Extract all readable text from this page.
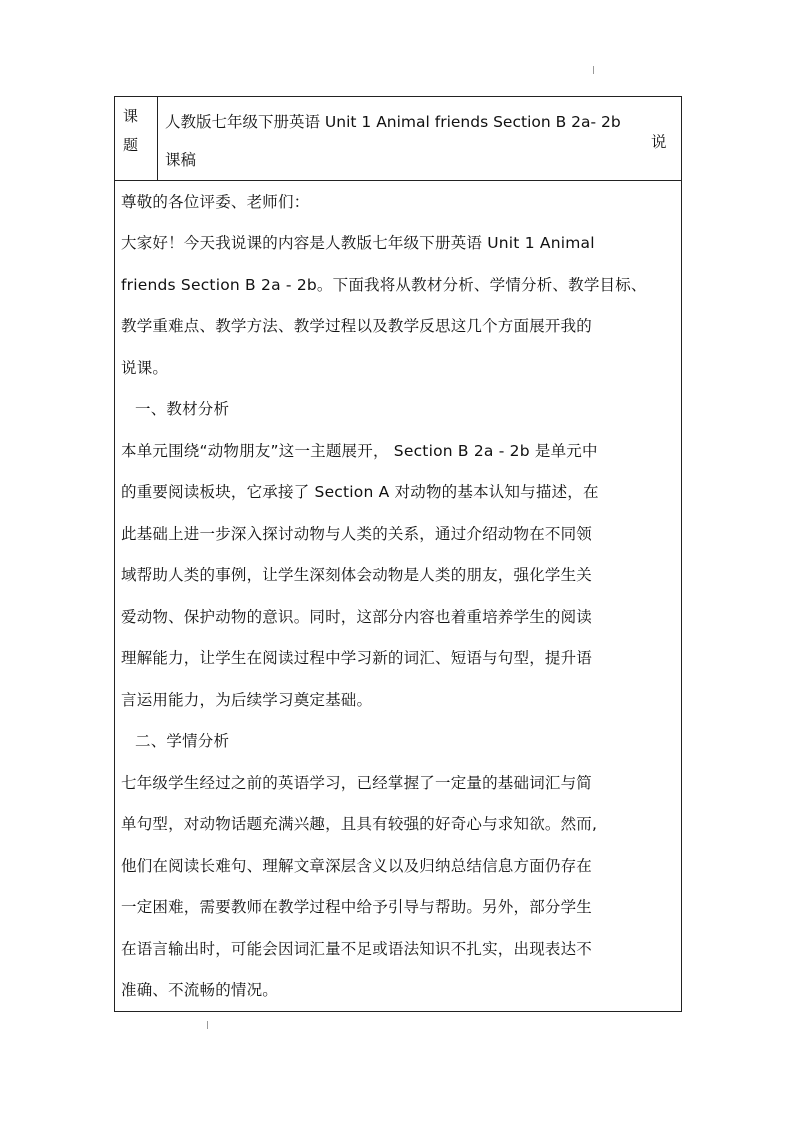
课
题
人教版七年级下册英语 Unit 1 Animal friends Section B 2a- 2b
课稿
说
尊敬的各位评委、老师们：
大家好！今天我说课的内容是人教版七年级下册英语 Unit 1 Animal
friends Section B 2a - 2b。下面我将从教材分析、学情分析、教学目标、
教学重难点、教学方法、教学过程以及教学反思这几个方面展开我的
说课。
一、教材分析
本单元围绕“动物朋友”这一主题展开， Section B 2a - 2b 是单元中
的重要阅读板块，它承接了 Section A 对动物的基本认知与描述，在
此基础上进一步深入探讨动物与人类的关系，通过介绍动物在不同领
域帮助人类的事例，让学生深刻体会动物是人类的朋友，强化学生关
爱动物、保护动物的意识。同时，这部分内容也着重培养学生的阅读
理解能力，让学生在阅读过程中学习新的词汇、短语与句型，提升语
言运用能力，为后续学习奠定基础。
二、学情分析
七年级学生经过之前的英语学习，已经掌握了一定量的基础词汇与简
单句型，对动物话题充满兴趣，且具有较强的好奇心与求知欲。然而,
他们在阅读长难句、理解文章深层含义以及归纳总结信息方面仍存在
一定困难，需要教师在教学过程中给予引导与帮助。另外，部分学生
在语言输出时，可能会因词汇量不足或语法知识不扎实，出现表达不
准确、不流畅的情况。
